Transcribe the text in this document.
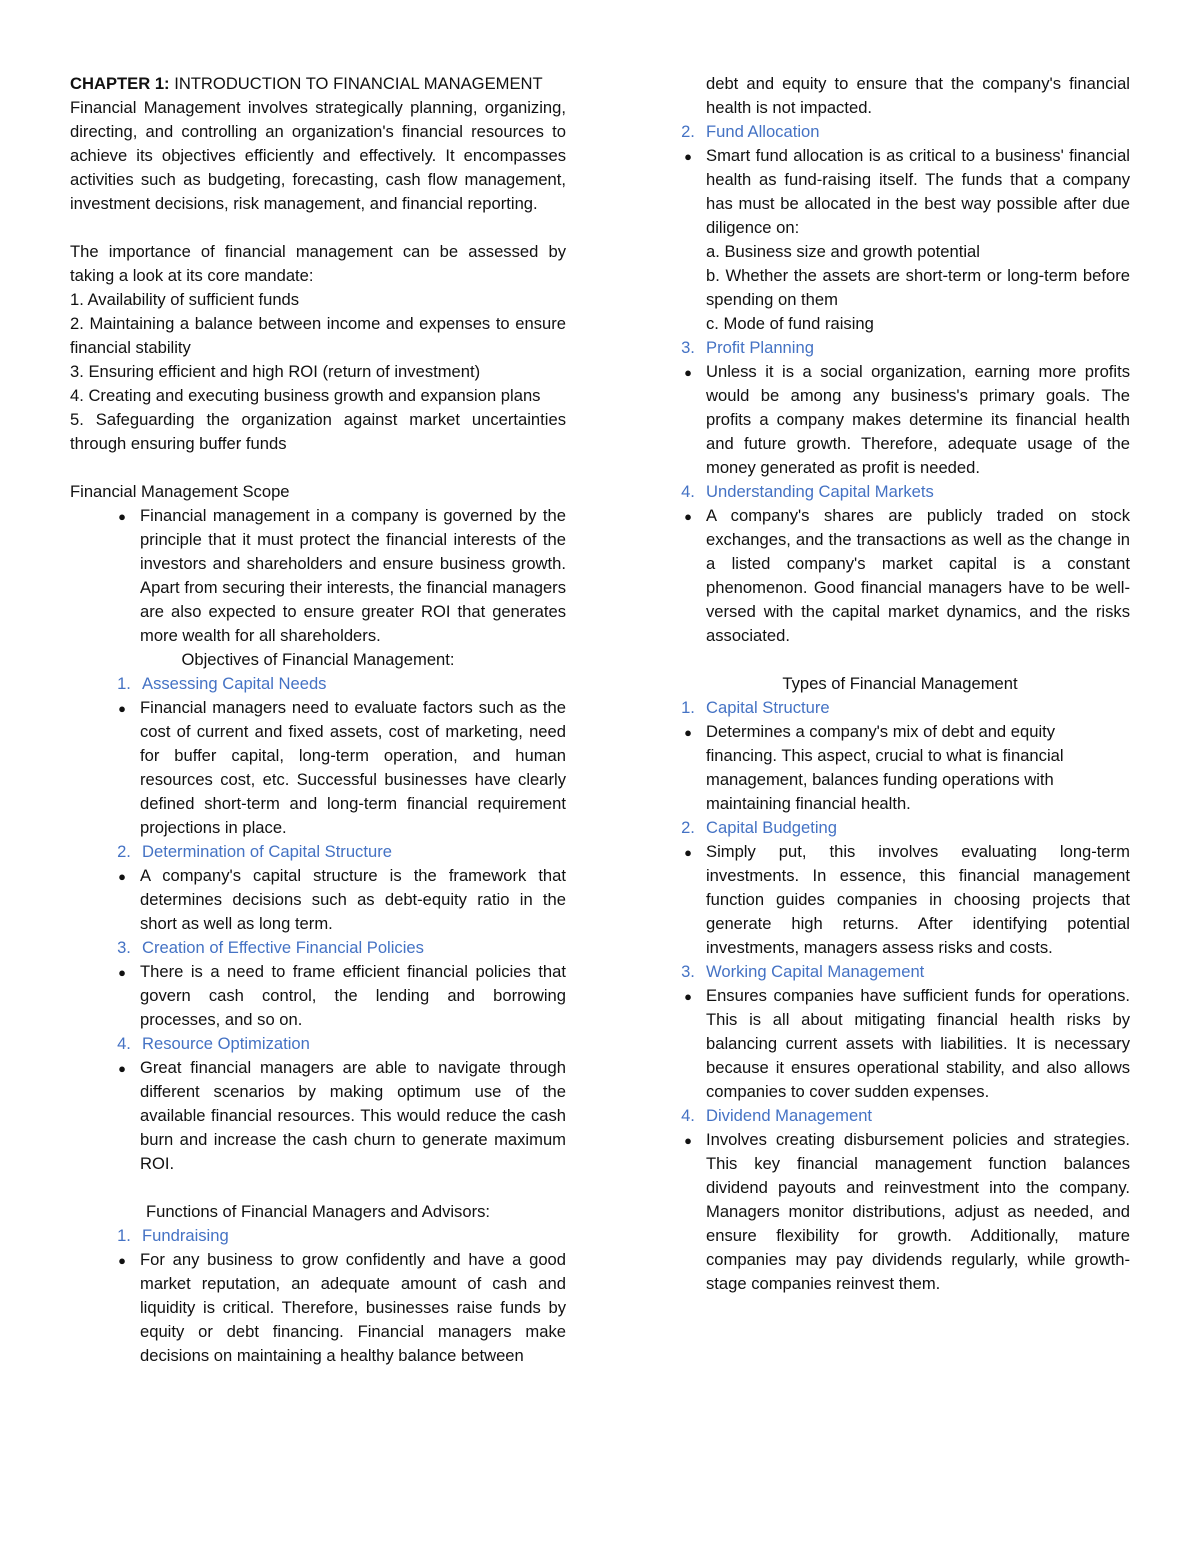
CHAPTER 1: INTRODUCTION TO FINANCIAL MANAGEMENT

Financial Management involves strategically planning, organizing, directing, and controlling an organization's financial resources to achieve its objectives efficiently and effectively. It encompasses activities such as budgeting, forecasting, cash flow management, investment decisions, risk management, and financial reporting.

The importance of financial management can be assessed by taking a look at its core mandate:

1. Availability of sufficient funds

2. Maintaining a balance between income and expenses to ensure financial stability

3. Ensuring efficient and high ROI (return of investment)

4. Creating and executing business growth and expansion plans

5. Safeguarding the organization against market uncertainties through ensuring buffer funds

Financial Management Scope

● Financial management in a company is governed by the principle that it must protect the financial interests of the investors and shareholders and ensure business growth. Apart from securing their interests, the financial managers are also expected to ensure greater ROI that generates more wealth for all shareholders.

Objectives of Financial Management:

1. Assessing Capital Needs
● Financial managers need to evaluate factors such as the cost of current and fixed assets, cost of marketing, need for buffer capital, long-term operation, and human resources cost, etc. Successful businesses have clearly defined short-term and long-term financial requirement projections in place.
2. Determination of Capital Structure
● A company's capital structure is the framework that determines decisions such as debt-equity ratio in the short as well as long term.
3. Creation of Effective Financial Policies
● There is a need to frame efficient financial policies that govern cash control, the lending and borrowing processes, and so on.
4. Resource Optimization
● Great financial managers are able to navigate through different scenarios by making optimum use of the available financial resources. This would reduce the cash burn and increase the cash churn to generate maximum ROI.

Functions of Financial Managers and Advisors:

1. Fundraising
● For any business to grow confidently and have a good market reputation, an adequate amount of cash and liquidity is critical. Therefore, businesses raise funds by equity or debt financing. Financial managers make decisions on maintaining a healthy balance between
debt and equity to ensure that the company's financial health is not impacted.
2. Fund Allocation
● Smart fund allocation is as critical to a business' financial health as fund-raising itself. The funds that a company has must be allocated in the best way possible after due diligence on:
a. Business size and growth potential
b. Whether the assets are short-term or long-term before spending on them
c. Mode of fund raising
3. Profit Planning
● Unless it is a social organization, earning more profits would be among any business's primary goals. The profits a company makes determine its financial health and future growth. Therefore, adequate usage of the money generated as profit is needed.
4. Understanding Capital Markets
● A company's shares are publicly traded on stock exchanges, and the transactions as well as the change in a listed company's market capital is a constant phenomenon. Good financial managers have to be well-versed with the capital market dynamics, and the risks associated.

Types of Financial Management

1. Capital Structure
● Determines a company's mix of debt and equity financing. This aspect, crucial to what is financial management, balances funding operations with maintaining financial health.
2. Capital Budgeting
● Simply put, this involves evaluating long-term investments. In essence, this financial management function guides companies in choosing projects that generate high returns. After identifying potential investments, managers assess risks and costs.
3. Working Capital Management
● Ensures companies have sufficient funds for operations. This is all about mitigating financial health risks by balancing current assets with liabilities. It is necessary because it ensures operational stability, and also allows companies to cover sudden expenses.
4. Dividend Management
● Involves creating disbursement policies and strategies. This key financial management function balances dividend payouts and reinvestment into the company. Managers monitor distributions, adjust as needed, and ensure flexibility for growth. Additionally, mature companies may pay dividends regularly, while growth-stage companies reinvest them.
